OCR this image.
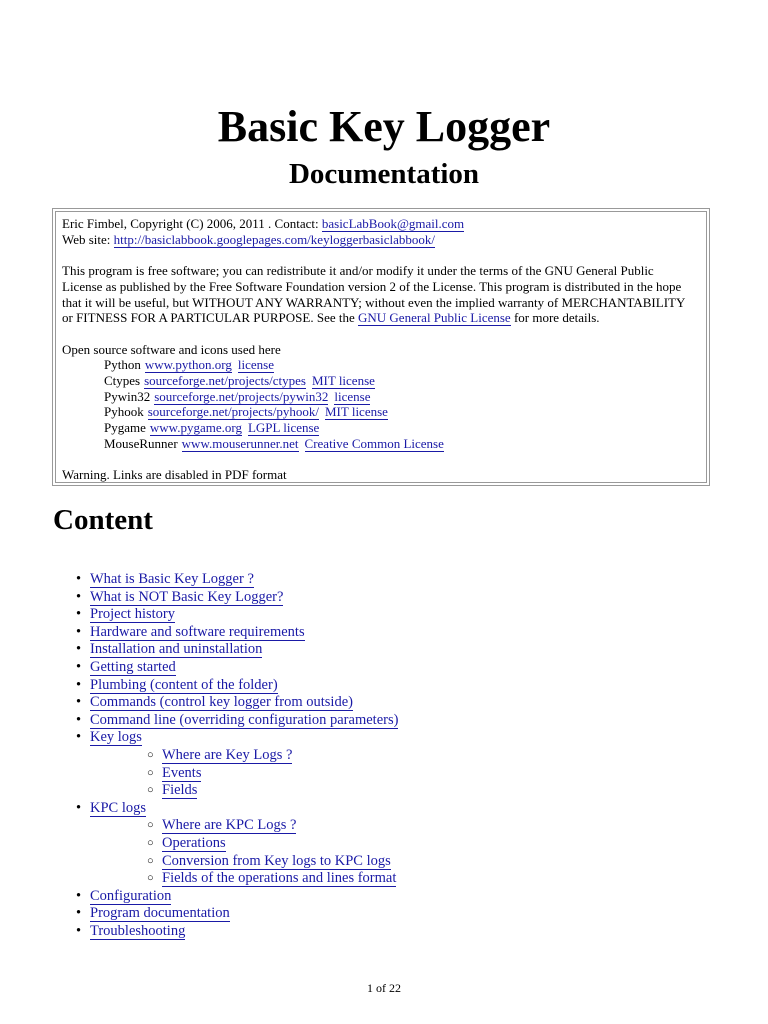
Basic Key Logger
Documentation
Eric Fimbel, Copyright (C) 2006, 2011 . Contact: basicLabBook@gmail.com
Web site: http://basiclabbook.googlepages.com/keyloggerbasiclabbook/
This program is free software; you can redistribute it and/or modify it under the terms of the GNU General Public
License as published by the Free Software Foundation version 2 of the License. This program is distributed in the hope
that it will be useful, but WITHOUT ANY WARRANTY; without even the implied warranty of MERCHANTABILITY
or FITNESS FOR A PARTICULAR PURPOSE. See the GNU General Public License for more details.
Open source software and icons used here
Python www.python.org license
Ctypes sourceforge.net/projects/ctypes MIT license
Pywin32 sourceforge.net/projects/pywin32 license
Pyhook sourceforge.net/projects/pyhook/ MIT license
Pygame www.pygame.org LGPL license
MouseRunner www.mouserunner.net Creative Common License
Warning. Links are disabled in PDF format
Content
• What is Basic Key Logger ?
• What is NOT Basic Key Logger?
• Project history
• Hardware and software requirements
• Installation and uninstallation
• Getting started
• Plumbing (content of the folder)
• Commands (control key logger from outside)
• Command line (overriding configuration parameters)
• Key logs
○ Where are Key Logs ?
○ Events
○ Fields
• KPC logs
○ Where are KPC Logs ?
○ Operations
○ Conversion from Key logs to KPC logs
○ Fields of the operations and lines format
• Configuration
• Program documentation
• Troubleshooting
1 of 22
